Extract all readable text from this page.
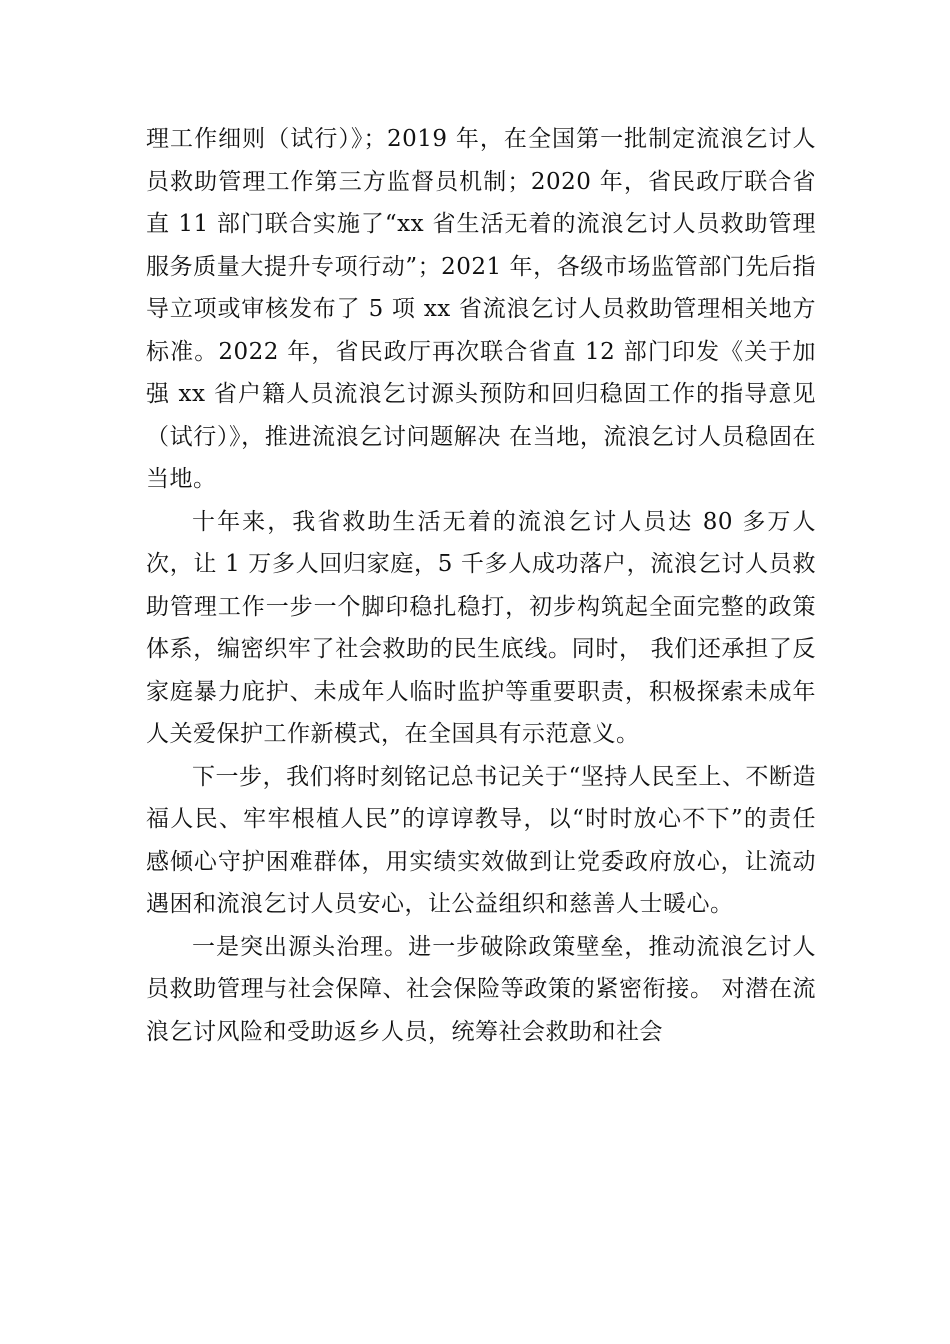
理工作细则（试行）》；2019 年，在全国第一批制定流浪乞讨人员救助管理工作第三方监督员机制；2020 年，省民政厅联合省直 11 部门联合实施了“xx 省生活无着的流浪乞讨人员救助管理服务质量大提升专项行动”；2021 年，各级市场监管部门先后指导立项或审核发布了 5 项 xx 省流浪乞讨人员救助管理相关地方标准。2022 年，省民政厅再次联合省直 12 部门印发《关于加强 xx 省户籍人员流浪乞讨源头预防和回归稳固工作的指导意见（试行）》，推进流浪乞讨问题解决 在当地，流浪乞讨人员稳固在当地。

十年来，我省救助生活无着的流浪乞讨人员达 80 多万人次，让 1 万多人回归家庭，5 千多人成功落户，流浪乞讨人员救助管理工作一步一个脚印稳扎稳打，初步构筑起全面完整的政策体系，编密织牢了社会救助的民生底线。同时， 我们还承担了反家庭暴力庇护、未成年人临时监护等重要职责，积极探索未成年人关爱保护工作新模式，在全国具有示范意义。

下一步，我们将时刻铭记总书记关于“坚持人民至上、不断造福人民、牢牢根植人民”的谆谆教导，以“时时放心不下”的责任感倾心守护困难群体，用实绩实效做到让党委政府放心，让流动遇困和流浪乞讨人员安心，让公益组织和慈善人士暖心。

一是突出源头治理。进一步破除政策壁垒，推动流浪乞讨人员救助管理与社会保障、社会保险等政策的紧密衔接。 对潜在流浪乞讨风险和受助返乡人员，统筹社会救助和社会
